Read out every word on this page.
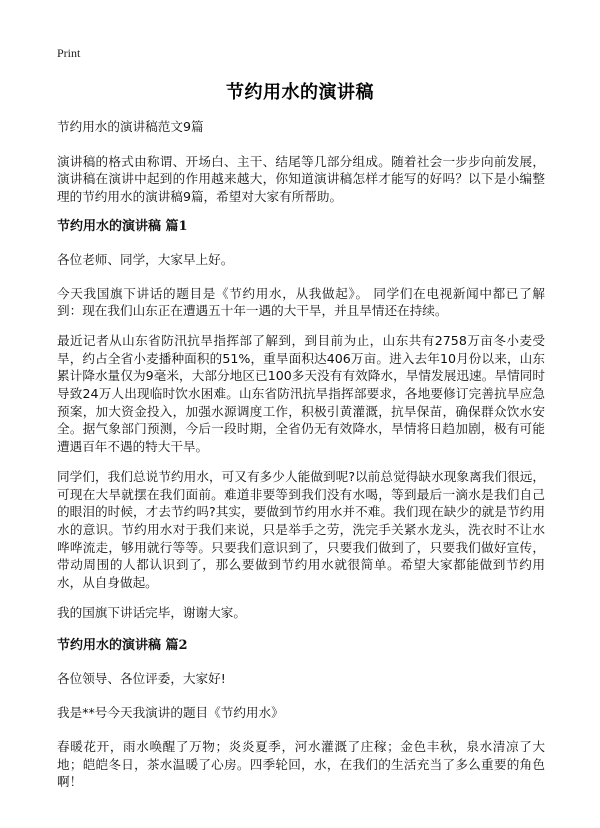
Print
节约用水的演讲稿

节约用水的演讲稿范文9篇

演讲稿的格式由称谓、开场白、主干、结尾等几部分组成。随着社会一步步向前发展，演讲稿在演讲中起到的作用越来越大，你知道演讲稿怎样才能写的好吗？以下是小编整理的节约用水的演讲稿9篇，希望对大家有所帮助。

节约用水的演讲稿 篇1

各位老师、同学，大家早上好。

今天我国旗下讲话的题目是《节约用水，从我做起》。 同学们在电视新闻中都已了解到：现在我们山东正在遭遇五十年一遇的大干旱，并且旱情还在持续。

最近记者从山东省防汛抗旱指挥部了解到，到目前为止，山东共有2758万亩冬小麦受旱，约占全省小麦播种面积的51%，重旱面积达406万亩。进入去年10月份以来，山东累计降水量仅为9毫米，大部分地区已100多天没有有效降水，旱情发展迅速。旱情同时导致24万人出现临时饮水困难。山东省防汛抗旱指挥部要求，各地要修订完善抗旱应急预案，加大资金投入，加强水源调度工作，积极引黄灌溉，抗旱保苗，确保群众饮水安全。据气象部门预测，今后一段时期，全省仍无有效降水，旱情将日趋加剧，极有可能遭遇百年不遇的特大干旱。

同学们，我们总说节约用水，可又有多少人能做到呢?以前总觉得缺水现象离我们很远，可现在大旱就摆在我们面前。难道非要等到我们没有水喝，等到最后一滴水是我们自己的眼泪的时候，才去节约吗?其实，要做到节约用水并不难。我们现在缺少的就是节约用水的意识。节约用水对于我们来说，只是举手之劳，洗完手关紧水龙头，洗衣时不让水哗哗流走，够用就行等等。只要我们意识到了，只要我们做到了，只要我们做好宣传，带动周围的人都认识到了，那么要做到节约用水就很简单。希望大家都能做到节约用水，从自身做起。

我的国旗下讲话完毕，谢谢大家。

节约用水的演讲稿 篇2

各位领导、各位评委，大家好!

我是**号今天我演讲的题目《节约用水》

春暖花开，雨水唤醒了万物；炎炎夏季，河水灌溉了庄稼；金色丰秋，泉水清凉了大地；皑皑冬日，茶水温暖了心房。四季轮回，水，在我们的生活充当了多么重要的角色啊！
